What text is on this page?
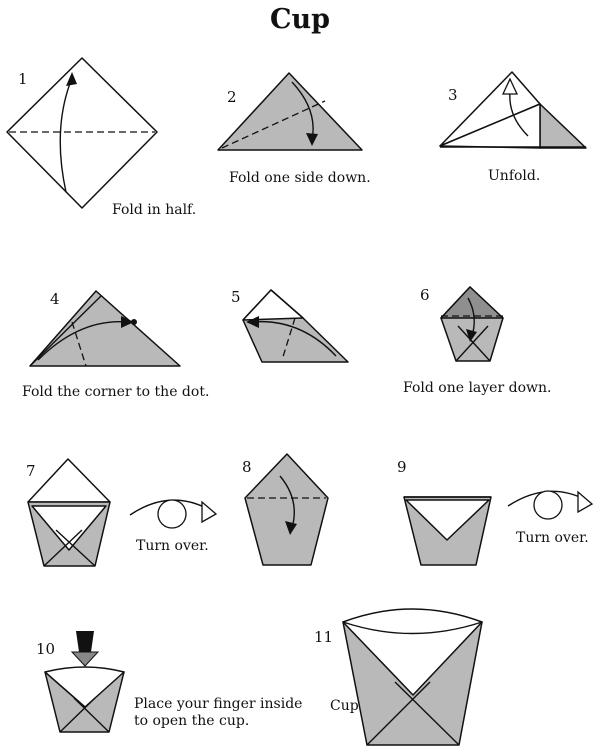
Cup
1
2	3
4	5	6
7	8	9
10
11
Fold in half.
Fold one side down.	Unfold.
Fold the corner to the dot.	Fold one layer down.
Turn over.	Turn over.
Place your finger inside
to open the cup.
Cup
